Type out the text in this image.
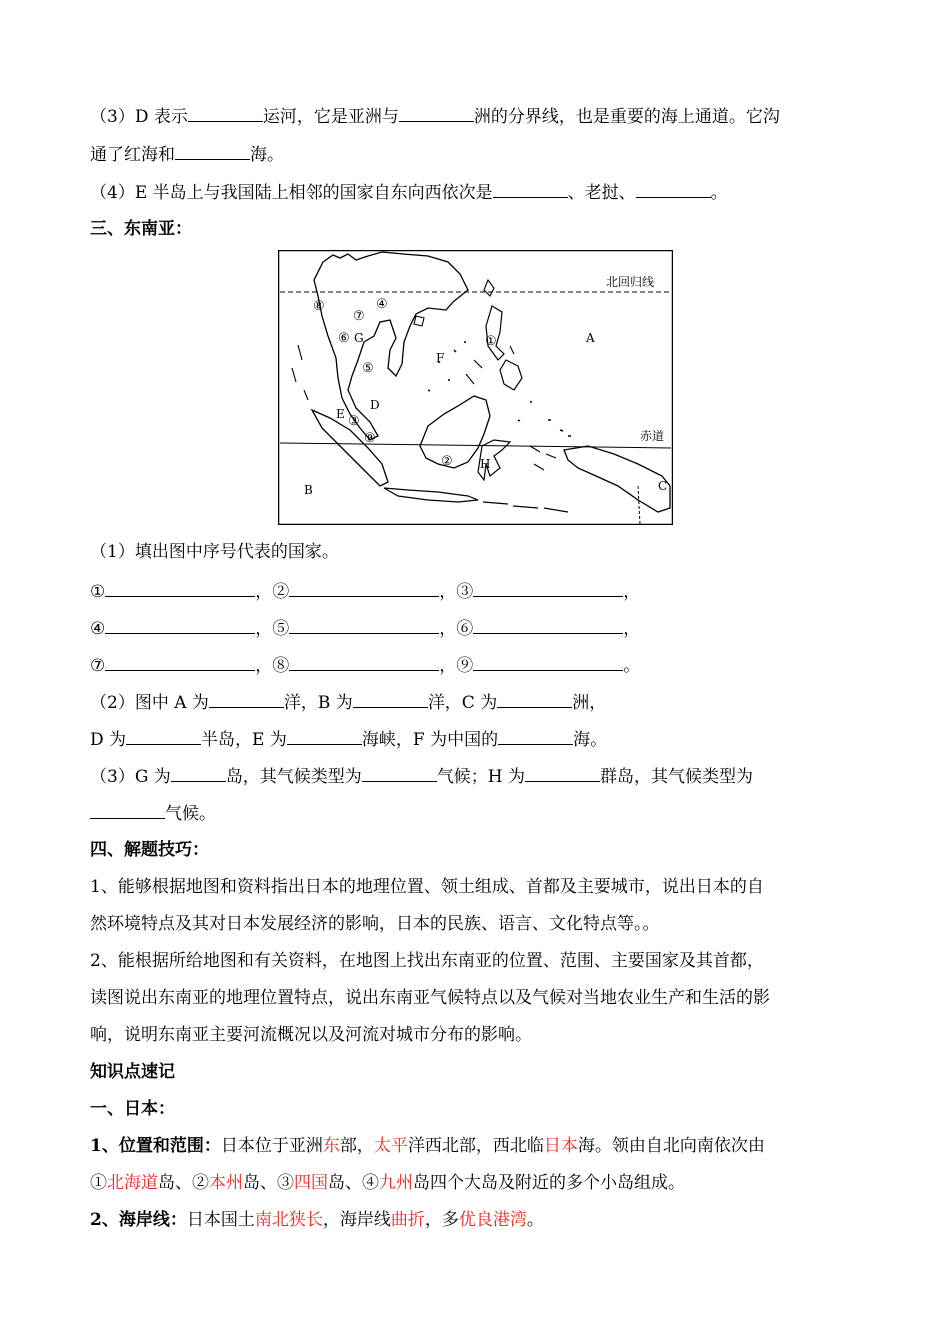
（3）D 表示	运河，它是亚洲与	洲的分界线，也是重要的海上通道。它沟
通了红海和	海。
（4）E 半岛上与我国陆上相邻的国家自东向西依次是	、老挝、	。
三、东南亚：
北回归线
赤道
⑧	④
⑦
⑥ G
⑤
D
E ③
⑨
F
①	A
B	C
② H
（1）填出图中序号代表的国家。
①	，②	，③	，
④	，⑤	，⑥	，
⑦	，⑧	，⑨	。
（2）图中 A 为	洋，B 为	洋，C 为	洲，
D 为	半岛，E 为	海峡，F 为中国的	海。
（3）G 为	岛，其气候类型为	气候；H 为	群岛，其气候类型为
气候。
四、解题技巧：
1、能够根据地图和资料指出日本的地理位置、领土组成、首都及主要城市，说出日本的自
然环境特点及其对日本发展经济的影响，日本的民族、语言、文化特点等。。
2、能根据所给地图和有关资料，在地图上找出东南亚的位置、范围、主要国家及其首都，
读图说出东南亚的地理位置特点，说出东南亚气候特点以及气候对当地农业生产和生活的影
响，说明东南亚主要河流概况以及河流对城市分布的影响。
知识点速记
一、日本：
1、位置和范围：日本位于亚洲东部，太平洋西北部，西北临日本海。领由自北向南依次由
①北海道岛、②本州岛、③四国岛、④九州岛四个大岛及附近的多个小岛组成。
2、海岸线：日本国土南北狭长，海岸线曲折，多优良港湾。
